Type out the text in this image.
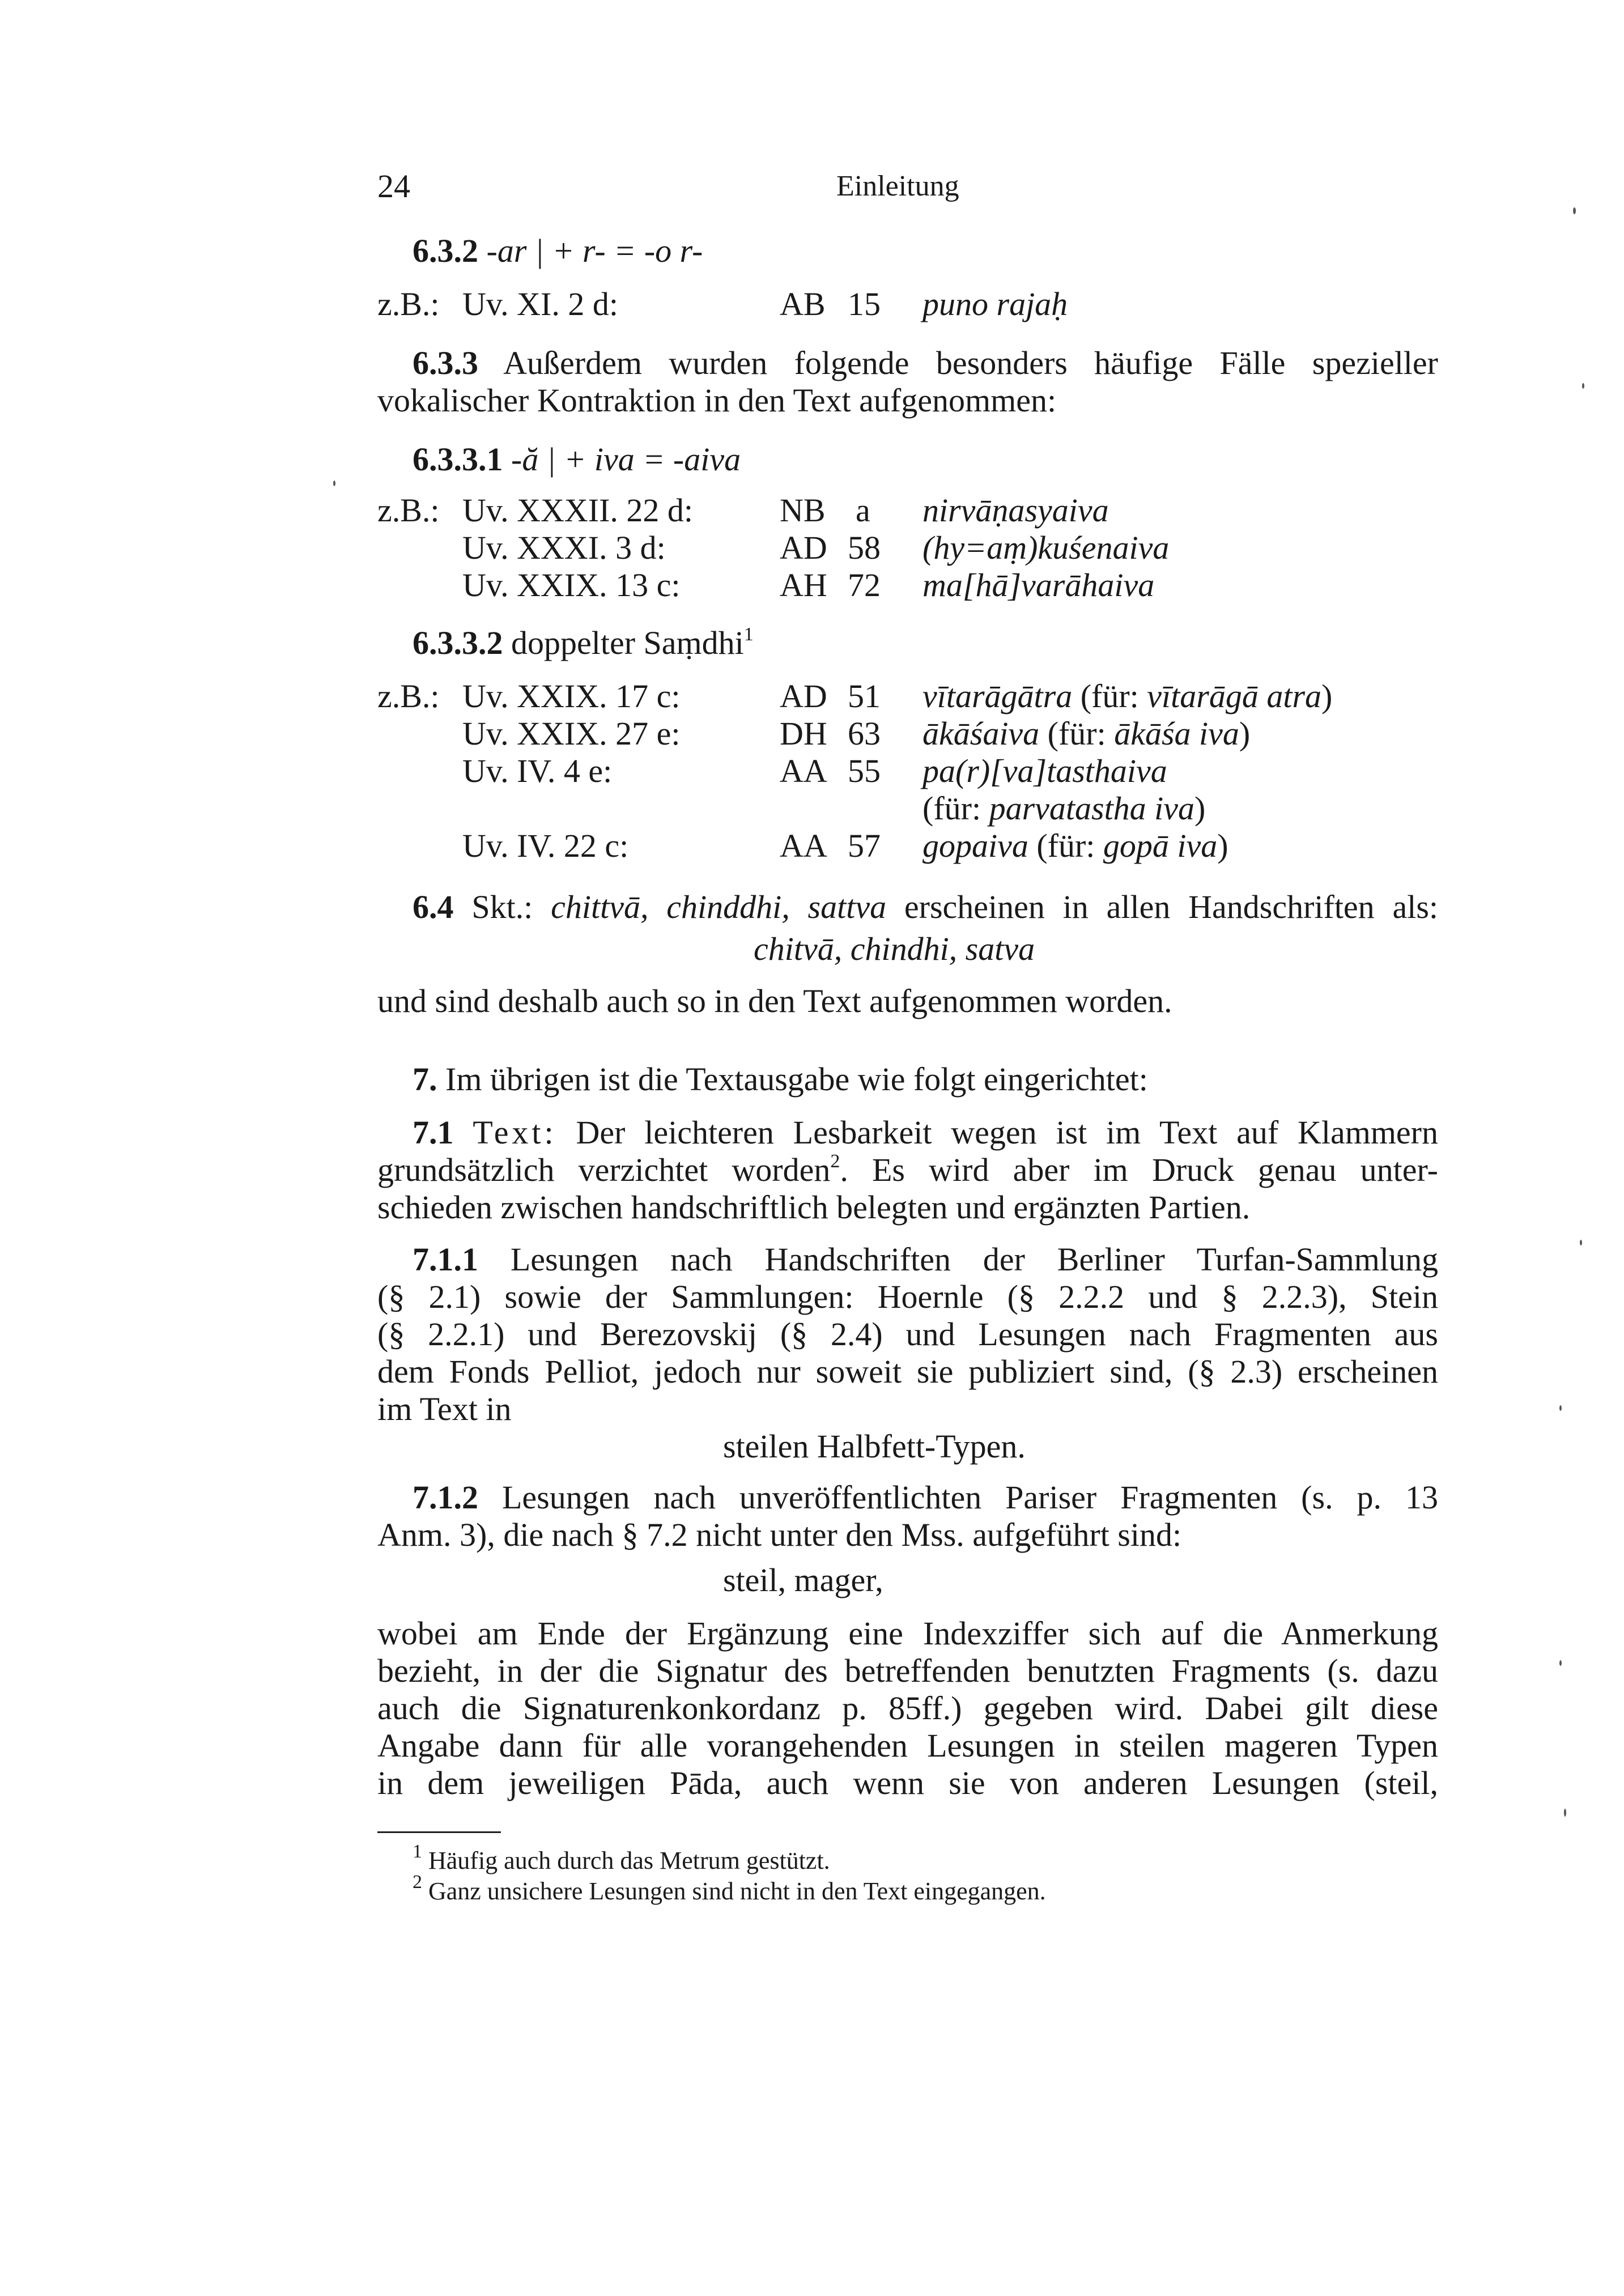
24	Einleitung
6.3.2 -ar | + r- = -o r-
z.B.: Uv. XI. 2 d:	AB 15 puno rajaḥ
6.3.3 Außerdem wurden folgende besonders häufige Fälle spezieller
vokalischer Kontraktion in den Text aufgenommen:
6.3.3.1 -ă | + iva = -aiva
z.B.: Uv. XXXII. 22 d:	NB a nirvāṇasyaiva
Uv. XXXI. 3 d:	AD 58 (hy=aṃ)kuśenaiva
Uv. XXIX. 13 c:	AH 72 ma[hā]varāhaiva
6.3.3.2 doppelter Saṃdhi$^1$
z.B.: Uv. XXIX. 17 c:	AD 51 vītarāgātra (für: vītarāgā atra)
Uv. XXIX. 27 e:	DH 63 ākāśaiva (für: ākāśa iva)
Uv. IV. 4 e:	AA 55 pa(r)[va]tasthaiva
(für: parvatastha iva)
Uv. IV. 22 c:	AA 57 gopaiva (für: gopā iva)
6.4 Skt.: chittvā, chinddhi, sattva erscheinen in allen Handschriften als:
chitvā, chindhi, satva
und sind deshalb auch so in den Text aufgenommen worden.
7. Im übrigen ist die Textausgabe wie folgt eingerichtet:
7.1 Text: Der leichteren Lesbarkeit wegen ist im Text auf Klammern
grundsätzlich verzichtet worden$^2$. Es wird aber im Druck genau unter-
schieden zwischen handschriftlich belegten und ergänzten Partien.
7.1.1 Lesungen nach Handschriften der Berliner Turfan-Sammlung
(§ 2.1) sowie der Sammlungen: Hoernle (§ 2.2.2 und § 2.2.3), Stein
(§ 2.2.1) und Berezovskij (§ 2.4) und Lesungen nach Fragmenten aus
dem Fonds Pelliot, jedoch nur soweit sie publiziert sind, (§ 2.3) erscheinen
im Text in
steilen Halbfett-Typen.
7.1.2 Lesungen nach unveröffentlichten Pariser Fragmenten (s. p. 13
Anm. 3), die nach § 7.2 nicht unter den Mss. aufgeführt sind:
steil, mager,
wobei am Ende der Ergänzung eine Indexziffer sich auf die Anmerkung
bezieht, in der die Signatur des betreffenden benutzten Fragments (s. dazu
auch die Signaturenkonkordanz p. 85ff.) gegeben wird. Dabei gilt diese
Angabe dann für alle vorangehenden Lesungen in steilen mageren Typen
in dem jeweiligen Pāda, auch wenn sie von anderen Lesungen (steil,
$^1$ Häufig auch durch das Metrum gestützt.
$^2$ Ganz unsichere Lesungen sind nicht in den Text eingegangen.
